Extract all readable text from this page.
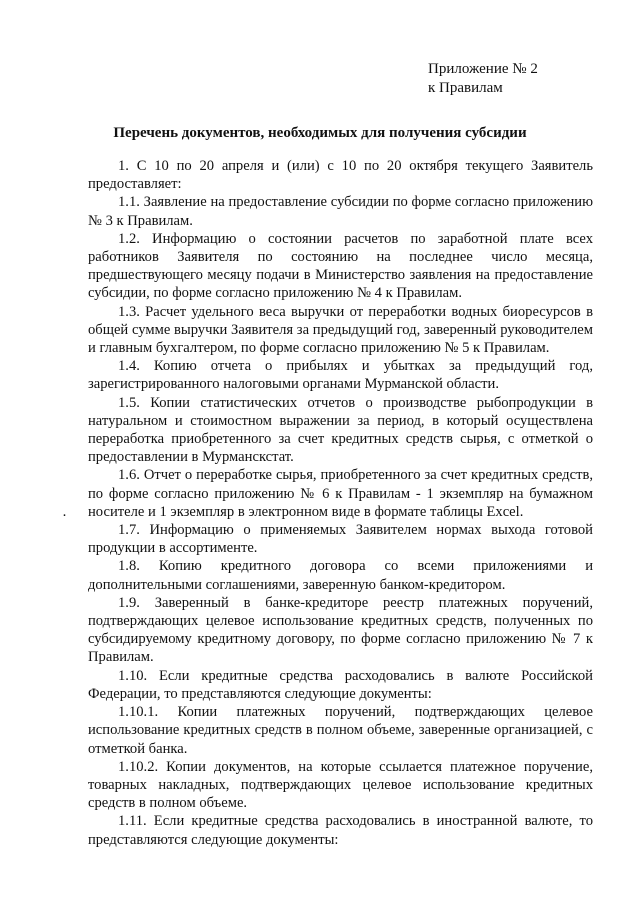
Приложение № 2
к Правилам
Перечень документов, необходимых для получения субсидии

1. С 10 по 20 апреля и (или) с 10 по 20 октября текущего Заявитель предоставляет:

1.1. Заявление на предоставление субсидии по форме согласно приложению № 3 к Правилам.

1.2. Информацию о состоянии расчетов по заработной плате всех работников Заявителя по состоянию на последнее число месяца, предшествующего месяцу подачи в Министерство заявления на предоставление субсидии, по форме согласно приложению № 4 к Правилам.

1.3. Расчет удельного веса выручки от переработки водных биоресурсов в общей сумме выручки Заявителя за предыдущий год, заверенный руководителем и главным бухгалтером, по форме согласно приложению № 5 к Правилам.

1.4. Копию отчета о прибылях и убытках за предыдущий год, зарегистрированного налоговыми органами Мурманской области.

1.5. Копии статистических отчетов о производстве рыбопродукции в натуральном и стоимостном выражении за период, в который осуществлена переработка приобретенного за счет кредитных средств сырья, с отметкой о предоставлении в Мурманскстат.

1.6. Отчет о переработке сырья, приобретенного за счет кредитных средств, по форме согласно приложению № 6 к Правилам - 1 экземпляр на бумажном носителе и 1 экземпляр в электронном виде в формате таблицы Excel.

1.7. Информацию о применяемых Заявителем нормах выхода готовой продукции в ассортименте.

1.8. Копию кредитного договора со всеми приложениями и дополнительными соглашениями, заверенную банком-кредитором.

1.9. Заверенный в банке-кредиторе реестр платежных поручений, подтверждающих целевое использование кредитных средств, полученных по субсидируемому кредитному договору, по форме согласно приложению № 7 к Правилам.

1.10. Если кредитные средства расходовались в валюте Российской Федерации, то представляются следующие документы:

1.10.1. Копии платежных поручений, подтверждающих целевое использование кредитных средств в полном объеме, заверенные организацией, с отметкой банка.

1.10.2. Копии документов, на которые ссылается платежное поручение, товарных накладных, подтверждающих целевое использование кредитных средств в полном объеме.

1.11. Если кредитные средства расходовались в иностранной валюте, то представляются следующие документы:

·
